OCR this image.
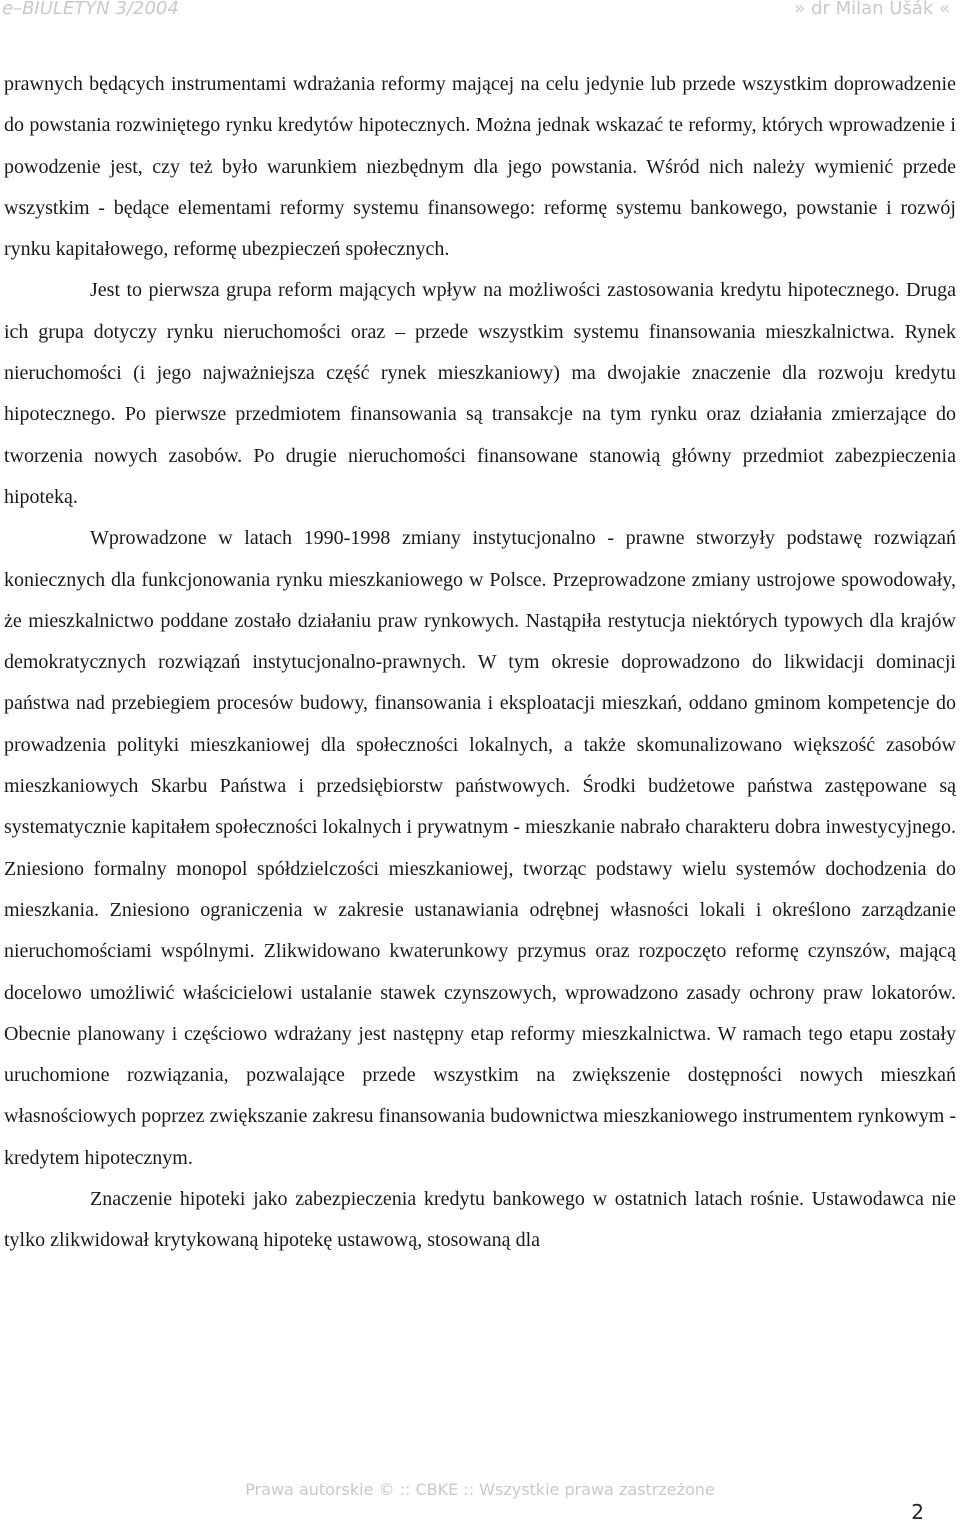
e–BIULETYN 3/2004	» dr Milan Ušák «

prawnych będących instrumentami wdrażania reformy mającej na celu jedynie lub przede wszystkim doprowadzenie do powstania rozwiniętego rynku kredytów hipotecznych. Można jednak wskazać te reformy, których wprowadzenie i powodzenie jest, czy też było warunkiem niezbędnym dla jego powstania. Wśród nich należy wymienić przede wszystkim - będące elementami reformy systemu finansowego: reformę systemu bankowego, powstanie i rozwój rynku kapitałowego, reformę ubezpieczeń społecznych.

Jest to pierwsza grupa reform mających wpływ na możliwości zastosowania kredytu hipotecznego. Druga ich grupa dotyczy rynku nieruchomości oraz – przede wszystkim systemu finansowania mieszkalnictwa. Rynek nieruchomości (i jego najważniejsza część rynek mieszkaniowy) ma dwojakie znaczenie dla rozwoju kredytu hipotecznego. Po pierwsze przedmiotem finansowania są transakcje na tym rynku oraz działania zmierzające do tworzenia nowych zasobów. Po drugie nieruchomości finansowane stanowią główny przedmiot zabezpieczenia hipoteką.

Wprowadzone w latach 1990-1998 zmiany instytucjonalno - prawne stworzyły podstawę rozwiązań koniecznych dla funkcjonowania rynku mieszkaniowego w Polsce. Przeprowadzone zmiany ustrojowe spowodowały, że mieszkalnictwo poddane zostało działaniu praw rynkowych. Nastąpiła restytucja niektórych typowych dla krajów demokratycznych rozwiązań instytucjonalno-prawnych. W tym okresie doprowadzono do likwidacji dominacji państwa nad przebiegiem procesów budowy, finansowania i eksploatacji mieszkań, oddano gminom kompetencje do prowadzenia polityki mieszkaniowej dla społeczności lokalnych, a także skomunalizowano większość zasobów mieszkaniowych Skarbu Państwa i przedsiębiorstw państwowych. Środki budżetowe państwa zastępowane są systematycznie kapitałem społeczności lokalnych i prywatnym - mieszkanie nabrało charakteru dobra inwestycyjnego. Zniesiono formalny monopol spółdzielczości mieszkaniowej, tworząc podstawy wielu systemów dochodzenia do mieszkania. Zniesiono ograniczenia w zakresie ustanawiania odrębnej własności lokali i określono zarządzanie nieruchomościami wspólnymi. Zlikwidowano kwaterunkowy przymus oraz rozpoczęto reformę czynszów, mającą docelowo umożliwić właścicielowi ustalanie stawek czynszowych, wprowadzono zasady ochrony praw lokatorów. Obecnie planowany i częściowo wdrażany jest następny etap reformy mieszkalnictwa. W ramach tego etapu zostały uruchomione rozwiązania, pozwalające przede wszystkim na zwiększenie dostępności nowych mieszkań własnościowych poprzez zwiększanie zakresu finansowania budownictwa mieszkaniowego instrumentem rynkowym - kredytem hipotecznym.

Znaczenie hipoteki jako zabezpieczenia kredytu bankowego w ostatnich latach rośnie. Ustawodawca nie tylko zlikwidował krytykowaną hipotekę ustawową, stosowaną dla

Prawa autorskie © :: CBKE :: Wszystkie prawa zastrzeżone
2
